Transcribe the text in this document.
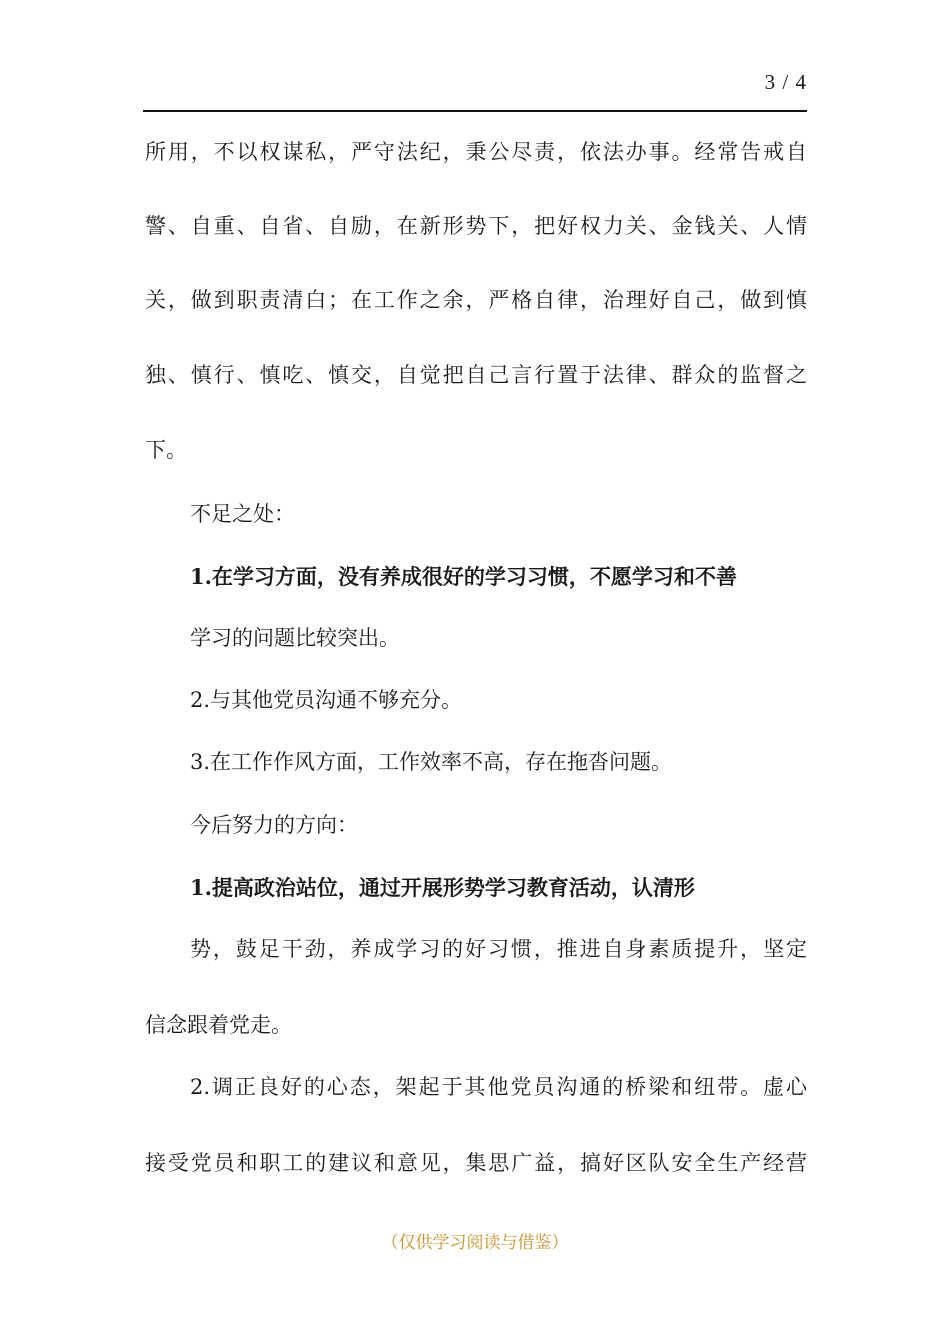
3 / 4
所用，不以权谋私，严守法纪，秉公尽责，依法办事。经常告戒自
警、自重、自省、自励，在新形势下，把好权力关、金钱关、人情
关，做到职责清白；在工作之余，严格自律，治理好自己，做到慎
独、慎行、慎吃、慎交，自觉把自己言行置于法律、群众的监督之
下。
不足之处：
1.在学习方面，没有养成很好的学习习惯，不愿学习和不善
学习的问题比较突出。
2.与其他党员沟通不够充分。
3.在工作作风方面，工作效率不高，存在拖沓问题。
今后努力的方向：
1.提高政治站位，通过开展形势学习教育活动，认清形
势，鼓足干劲，养成学习的好习惯，推进自身素质提升，坚定
信念跟着党走。
2.调正良好的心态，架起于其他党员沟通的桥梁和纽带。虚心
接受党员和职工的建议和意见，集思广益，搞好区队安全生产经营
（仅供学习阅读与借鉴）
